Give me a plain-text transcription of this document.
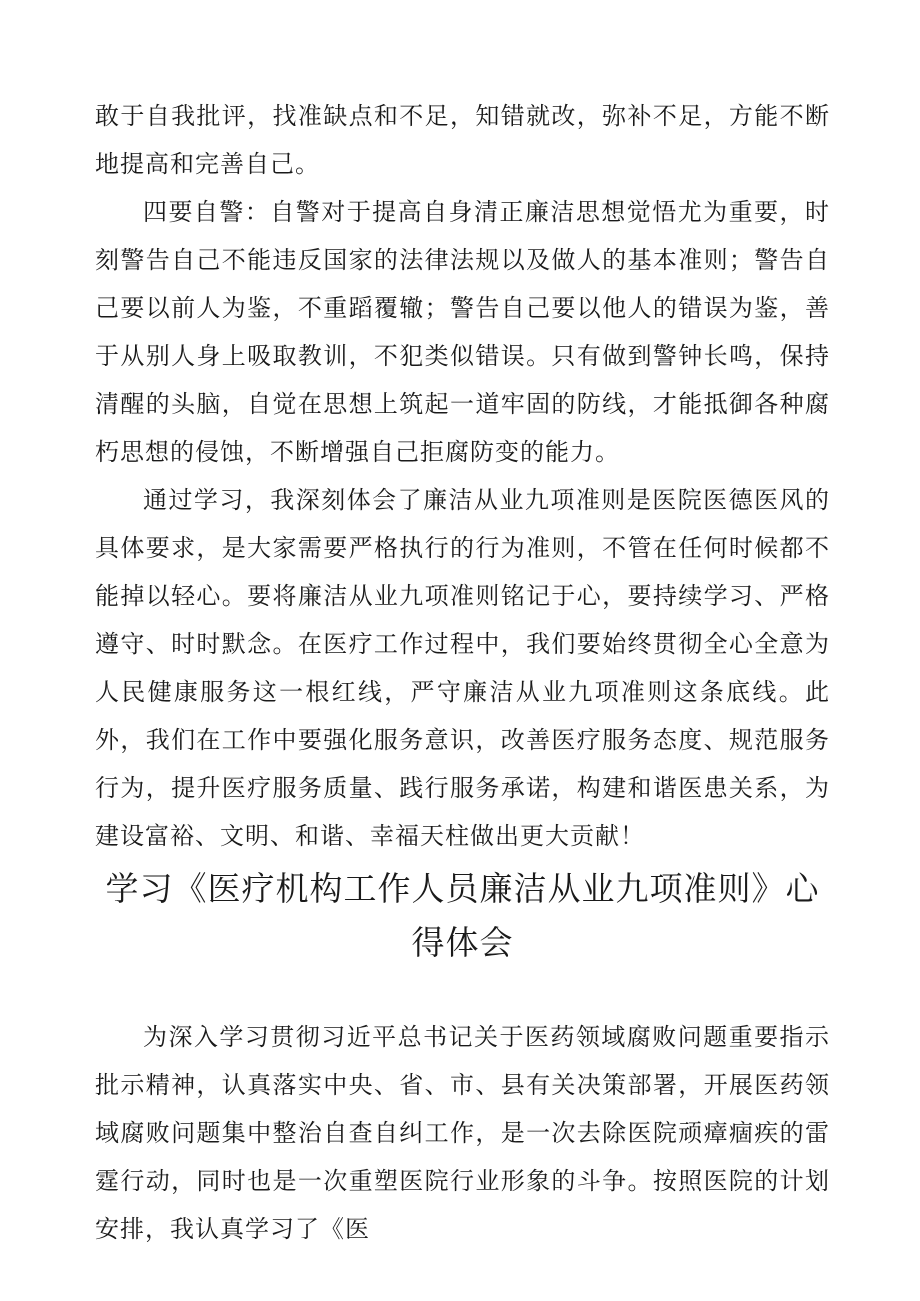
敢于自我批评，找准缺点和不足，知错就改，弥补不足，方能不断地提高和完善自己。

四要自警：自警对于提高自身清正廉洁思想觉悟尤为重要，时刻警告自己不能违反国家的法律法规以及做人的基本准则；警告自己要以前人为鉴，不重蹈覆辙；警告自己要以他人的错误为鉴，善于从别人身上吸取教训，不犯类似错误。只有做到警钟长鸣，保持清醒的头脑，自觉在思想上筑起一道牢固的防线，才能抵御各种腐朽思想的侵蚀，不断增强自己拒腐防变的能力。

通过学习，我深刻体会了廉洁从业九项准则是医院医德医风的具体要求，是大家需要严格执行的行为准则，不管在任何时候都不能掉以轻心。要将廉洁从业九项准则铭记于心，要持续学习、严格遵守、时时默念。在医疗工作过程中，我们要始终贯彻全心全意为人民健康服务这一根红线，严守廉洁从业九项准则这条底线。此外，我们在工作中要强化服务意识，改善医疗服务态度、规范服务行为，提升医疗服务质量、践行服务承诺，构建和谐医患关系，为建设富裕、文明、和谐、幸福天柱做出更大贡献！

学习《医疗机构工作人员廉洁从业九项准则》心得体会

为深入学习贯彻习近平总书记关于医药领域腐败问题重要指示批示精神，认真落实中央、省、市、县有关决策部署，开展医药领域腐败问题集中整治自查自纠工作，是一次去除医院顽瘴痼疾的雷霆行动，同时也是一次重塑医院行业形象的斗争。按照医院的计划安排，我认真学习了《医
